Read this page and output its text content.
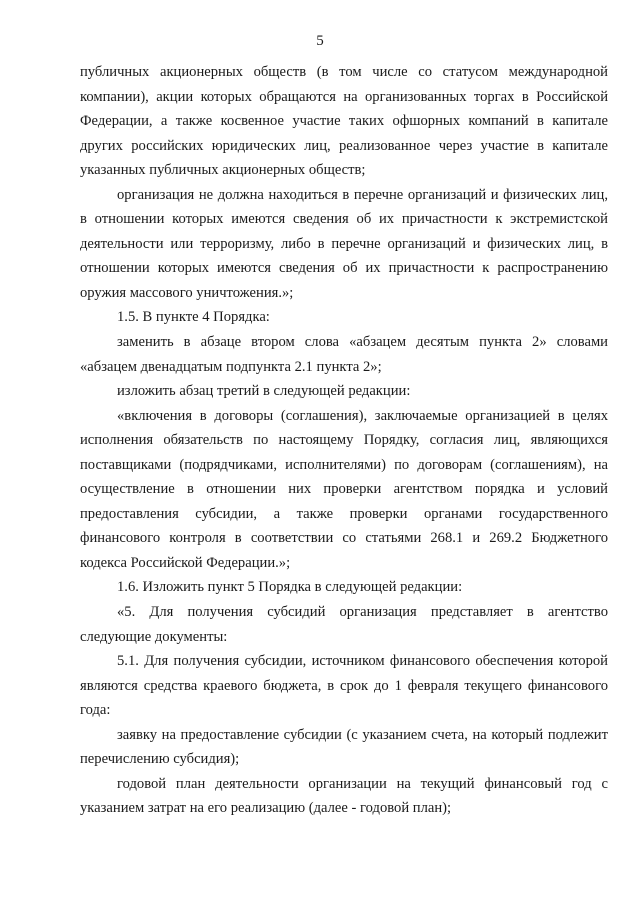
5

публичных акционерных обществ (в том числе со статусом международной компании), акции которых обращаются на организованных торгах в Российской Федерации, а также косвенное участие таких офшорных компаний в капитале других российских юридических лиц, реализованное через участие в капитале указанных публичных акционерных обществ;

организация не должна находиться в перечне организаций и физических лиц, в отношении которых имеются сведения об их причастности к экстремистской деятельности или терроризму, либо в перечне организаций и физических лиц, в отношении которых имеются сведения об их причастности к распространению оружия массового уничтожения.»;

1.5. В пункте 4 Порядка:

заменить в абзаце втором слова «абзацем десятым пункта 2» словами «абзацем двенадцатым подпункта 2.1 пункта 2»;

изложить абзац третий в следующей редакции:

«включения в договоры (соглашения), заключаемые организацией в целях исполнения обязательств по настоящему Порядку, согласия лиц, являющихся поставщиками (подрядчиками, исполнителями) по договорам (соглашениям), на осуществление в отношении них проверки агентством порядка и условий предоставления субсидии, а также проверки органами государственного финансового контроля в соответствии со статьями 268.1 и 269.2 Бюджетного кодекса Российской Федерации.»;

1.6. Изложить пункт 5 Порядка в следующей редакции:

«5. Для получения субсидий организация представляет в агентство следующие документы:

5.1. Для получения субсидии, источником финансового обеспечения которой являются средства краевого бюджета, в срок до 1 февраля текущего финансового года:

заявку на предоставление субсидии (с указанием счета, на который подлежит перечислению субсидия);

годовой план деятельности организации на текущий финансовый год с указанием затрат на его реализацию (далее - годовой план);
